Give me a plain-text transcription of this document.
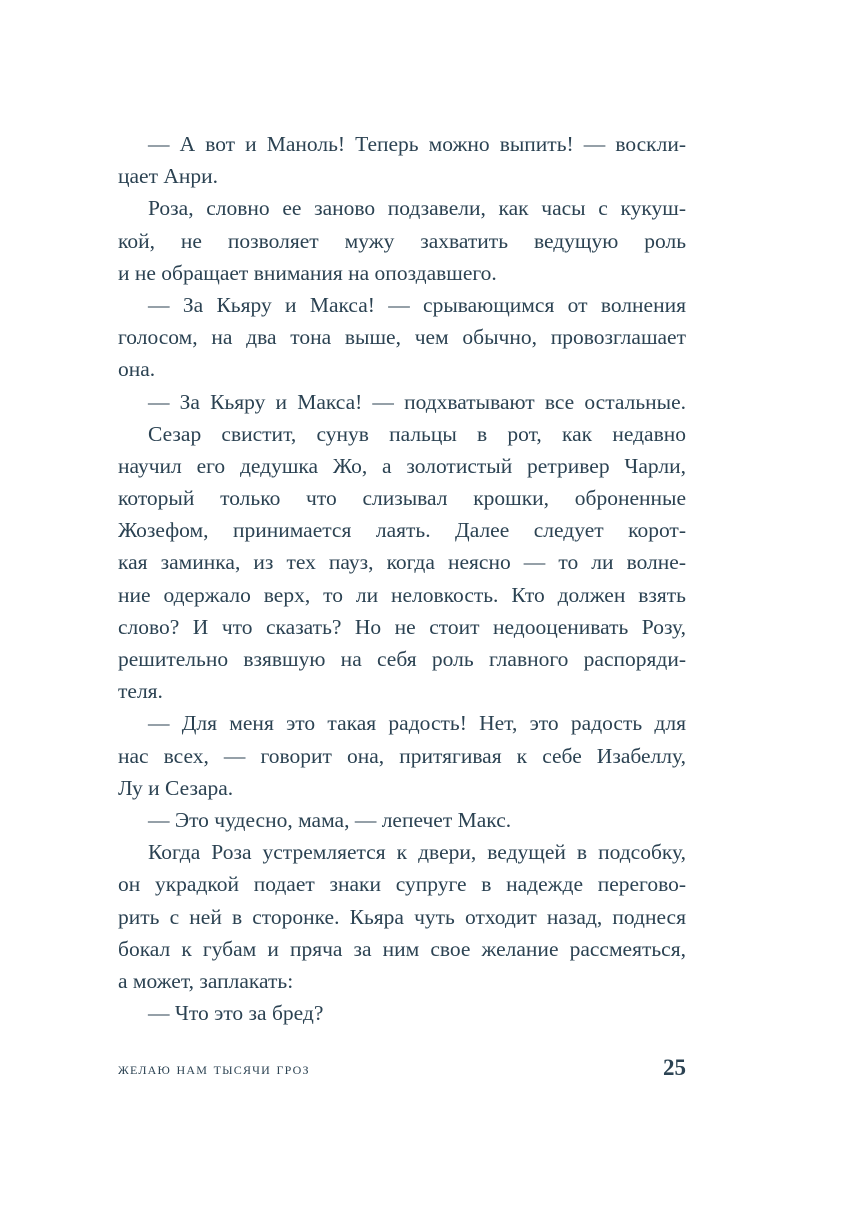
— А вот и Маноль! Теперь можно выпить! — воскли-
цает Анри.
Роза, словно ее заново подзавели, как часы с кукуш-
кой, не позволяет мужу захватить ведущую роль
и не обращает внимания на опоздавшего.
— За Кьяру и Макса! — срывающимся от волнения
голосом, на два тона выше, чем обычно, провозглашает
она.
— За Кьяру и Макса! — подхватывают все остальные.
Сезар свистит, сунув пальцы в рот, как недавно
научил его дедушка Жо, а золотистый ретривер Чарли,
который только что слизывал крошки, оброненные
Жозефом, принимается лаять. Далее следует корот-
кая заминка, из тех пауз, когда неясно — то ли волне-
ние одержало верх, то ли неловкость. Кто должен взять
слово? И что сказать? Но не стоит недооценивать Розу,
решительно взявшую на себя роль главного распоряди-
теля.
— Для меня это такая радость! Нет, это радость для
нас всех, — говорит она, притягивая к себе Изабеллу,
Лу и Сезара.
— Это чудесно, мама, — лепечет Макс.
Когда Роза устремляется к двери, ведущей в подсобку,
он украдкой подает знаки супруге в надежде перегово-
рить с ней в сторонке. Кьяра чуть отходит назад, поднеся
бокал к губам и пряча за ним свое желание рассмеяться,
а может, заплакать:
— Что это за бред?
желаю нам тысячи гроз	25
